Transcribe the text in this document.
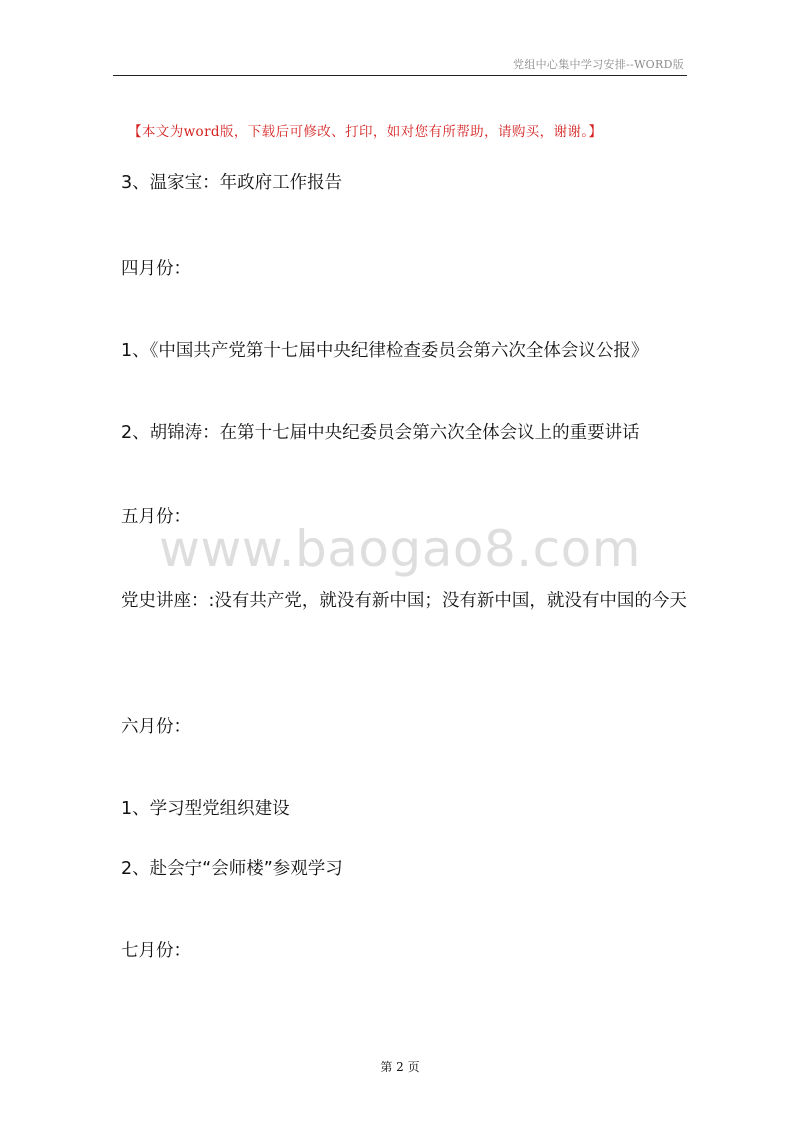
党组中心集中学习安排--WORD版
【本文为word版，下载后可修改、打印，如对您有所帮助，请购买，谢谢。】
3、温家宝：年政府工作报告
四月份：
1、《中国共产党第十七届中央纪律检查委员会第六次全体会议公报》
2、胡锦涛：在第十七届中央纪委员会第六次全体会议上的重要讲话
五月份：
党史讲座：:没有共产党，就没有新中国；没有新中国，就没有中国的今天
六月份：
1、学习型党组织建设
2、赴会宁“会师楼”参观学习
七月份：
www.baogao8.com
第 2 页
